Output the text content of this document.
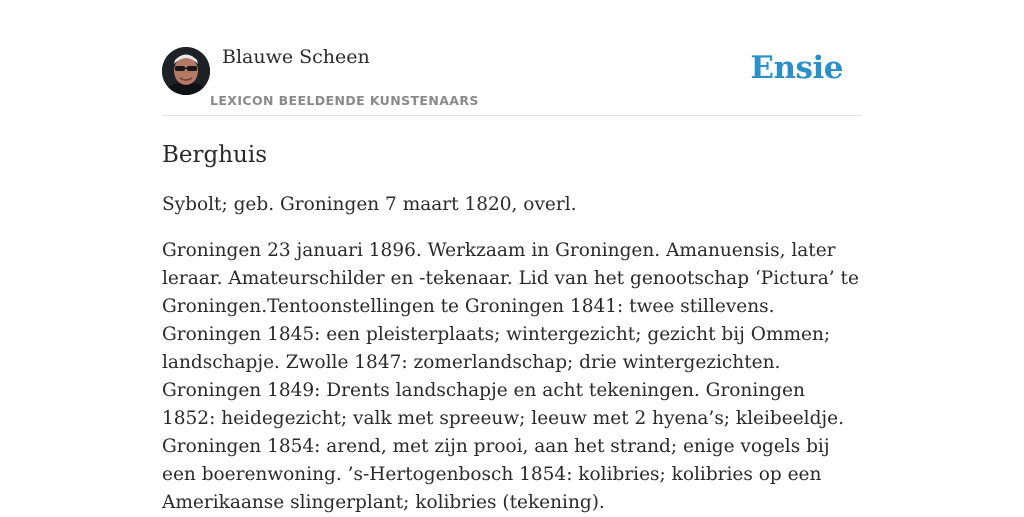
Blauwe Scheen
LEXICON BEELDENDE KUNSTENAARS
Ensie
Berghuis

Sybolt; geb. Groningen 7 maart 1820, overl.

Groningen 23 januari 1896. Werkzaam in Groningen. Amanuensis, later leraar. Amateurschilder en -tekenaar. Lid van het genootschap ‘Pictura’ te Groningen.Tentoonstellingen te Groningen 1841: twee stillevens. Groningen 1845: een pleisterplaats; wintergezicht; gezicht bij Ommen; landschapje. Zwolle 1847: zomerlandschap; drie wintergezichten. Groningen 1849: Drents landschapje en acht tekeningen. Groningen 1852: heidegezicht; valk met spreeuw; leeuw met 2 hyena’s; kleibeeldje. Groningen 1854: arend, met zijn prooi, aan het strand; enige vogels bij een boerenwoning. ’s-Hertogenbosch 1854: kolibries; kolibries op een Amerikaanse slingerplant; kolibries (tekening).
